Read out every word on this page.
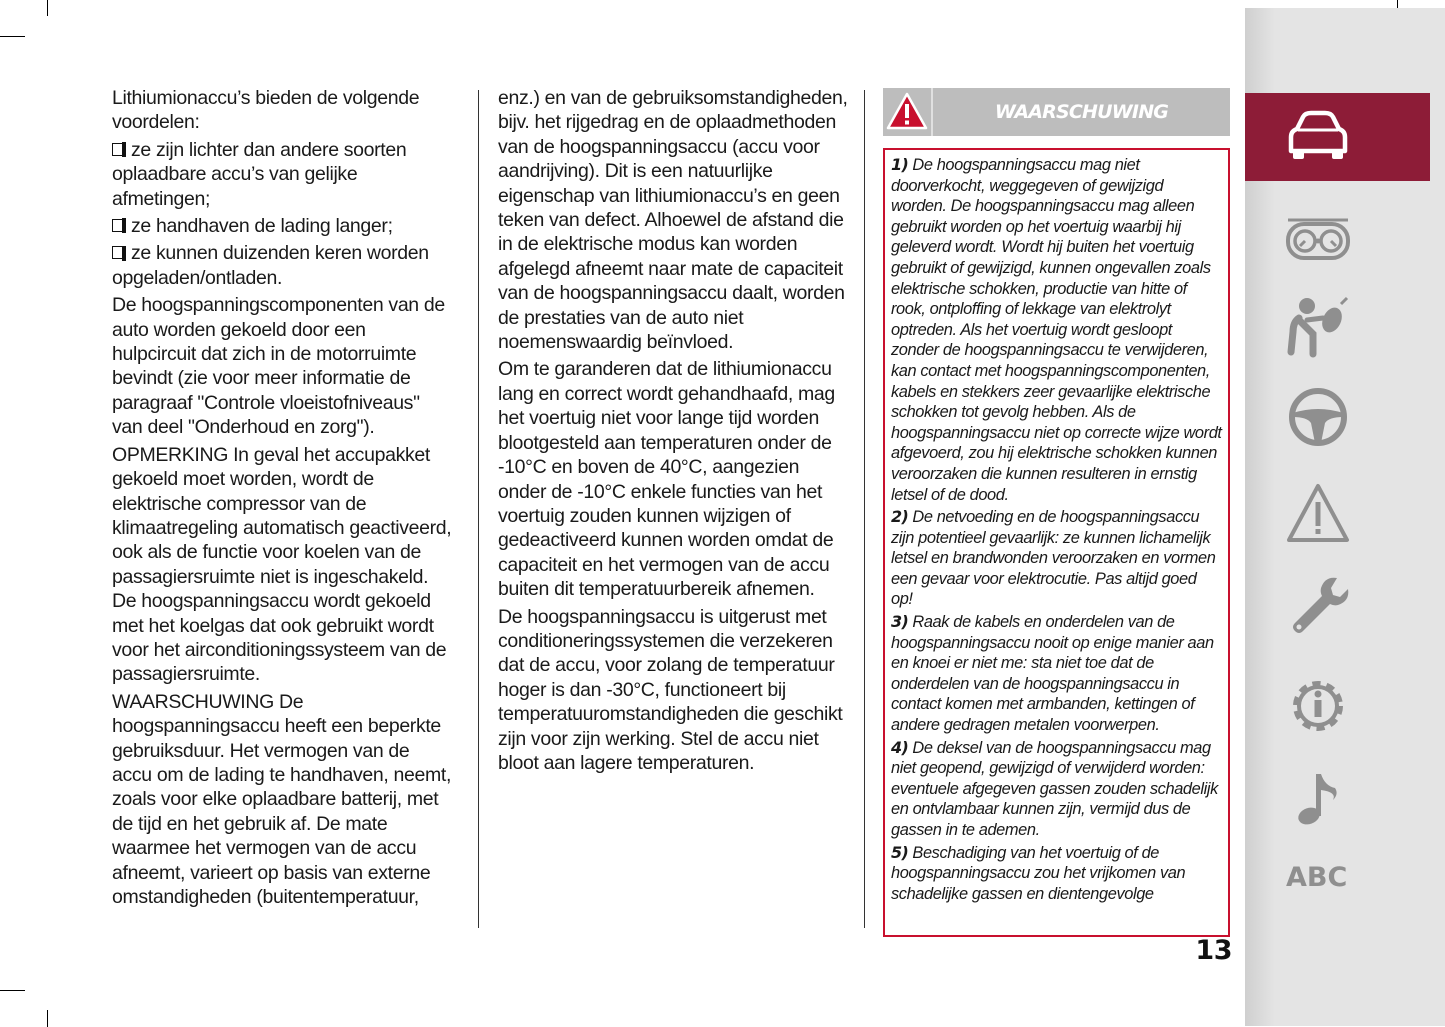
Lithiumionaccu’s bieden de volgende voordelen:

ze zijn lichter dan andere soorten oplaadbare accu’s van gelijke afmetingen;

ze handhaven de lading langer;

ze kunnen duizenden keren worden opgeladen/ontladen.

De hoogspanningscomponenten van de auto worden gekoeld door een hulpcircuit dat zich in de motorruimte bevindt (zie voor meer informatie de paragraaf "Controle vloeistofniveaus" van deel "Onderhoud en zorg").

OPMERKING In geval het accupakket gekoeld moet worden, wordt de elektrische compressor van de klimaatregeling automatisch geactiveerd, ook als de functie voor koelen van de passagiersruimte niet is ingeschakeld. De hoogspanningsaccu wordt gekoeld met het koelgas dat ook gebruikt wordt voor het airconditioningssysteem van de passagiersruimte.

WAARSCHUWING De hoogspanningsaccu heeft een beperkte gebruiksduur. Het vermogen van de accu om de lading te handhaven, neemt, zoals voor elke oplaadbare batterij, met de tijd en het gebruik af. De mate waarmee het vermogen van de accu afneemt, varieert op basis van externe omstandigheden (buitentemperatuur,

enz.) en van de gebruiksomstandigheden, bijv. het rijgedrag en de oplaadmethoden van de hoogspanningsaccu (accu voor aandrijving). Dit is een natuurlijke eigenschap van lithiumionaccu’s en geen teken van defect. Alhoewel de afstand die in de elektrische modus kan worden afgelegd afneemt naar mate de capaciteit van de hoogspanningsaccu daalt, worden de prestaties van de auto niet noemenswaardig beïnvloed.

Om te garanderen dat de lithiumionaccu lang en correct wordt gehandhaafd, mag het voertuig niet voor lange tijd worden blootgesteld aan temperaturen onder de -10°C en boven de 40°C, aangezien onder de -10°C enkele functies van het voertuig zouden kunnen wijzigen of gedeactiveerd kunnen worden omdat de capaciteit en het vermogen van de accu buiten dit temperatuurbereik afnemen.

De hoogspanningsaccu is uitgerust met conditioneringssystemen die verzekeren dat de accu, voor zolang de temperatuur hoger is dan -30°C, functioneert bij temperatuuromstandigheden die geschikt zijn voor zijn werking. Stel de accu niet bloot aan lagere temperaturen.

WAARSCHUWING

1) De hoogspanningsaccu mag niet doorverkocht, weggegeven of gewijzigd worden. De hoogspanningsaccu mag alleen gebruikt worden op het voertuig waarbij hij geleverd wordt. Wordt hij buiten het voertuig gebruikt of gewijzigd, kunnen ongevallen zoals elektrische schokken, productie van hitte of rook, ontploffing of lekkage van elektrolyt optreden. Als het voertuig wordt gesloopt zonder de hoogspanningsaccu te verwijderen, kan contact met hoogspanningscomponenten, kabels en stekkers zeer gevaarlijke elektrische schokken tot gevolg hebben. Als de hoogspanningsaccu niet op correcte wijze wordt afgevoerd, zou hij elektrische schokken kunnen veroorzaken die kunnen resulteren in ernstig letsel of de dood.

2) De netvoeding en de hoogspanningsaccu zijn potentieel gevaarlijk: ze kunnen lichamelijk letsel en brandwonden veroorzaken en vormen een gevaar voor elektrocutie. Pas altijd goed op!

3) Raak de kabels en onderdelen van de hoogspanningsaccu nooit op enige manier aan en knoei er niet me: sta niet toe dat de onderdelen van de hoogspanningsaccu in contact komen met armbanden, kettingen of andere gedragen metalen voorwerpen.

4) De deksel van de hoogspanningsaccu mag niet geopend, gewijzigd of verwijderd worden: eventuele afgegeven gassen zouden schadelijk en ontvlambaar kunnen zijn, vermijd dus de gassen in te ademen.

5) Beschadiging van het voertuig of de hoogspanningsaccu zou het vrijkomen van schadelijke gassen en dientengevolge

13
ABC
